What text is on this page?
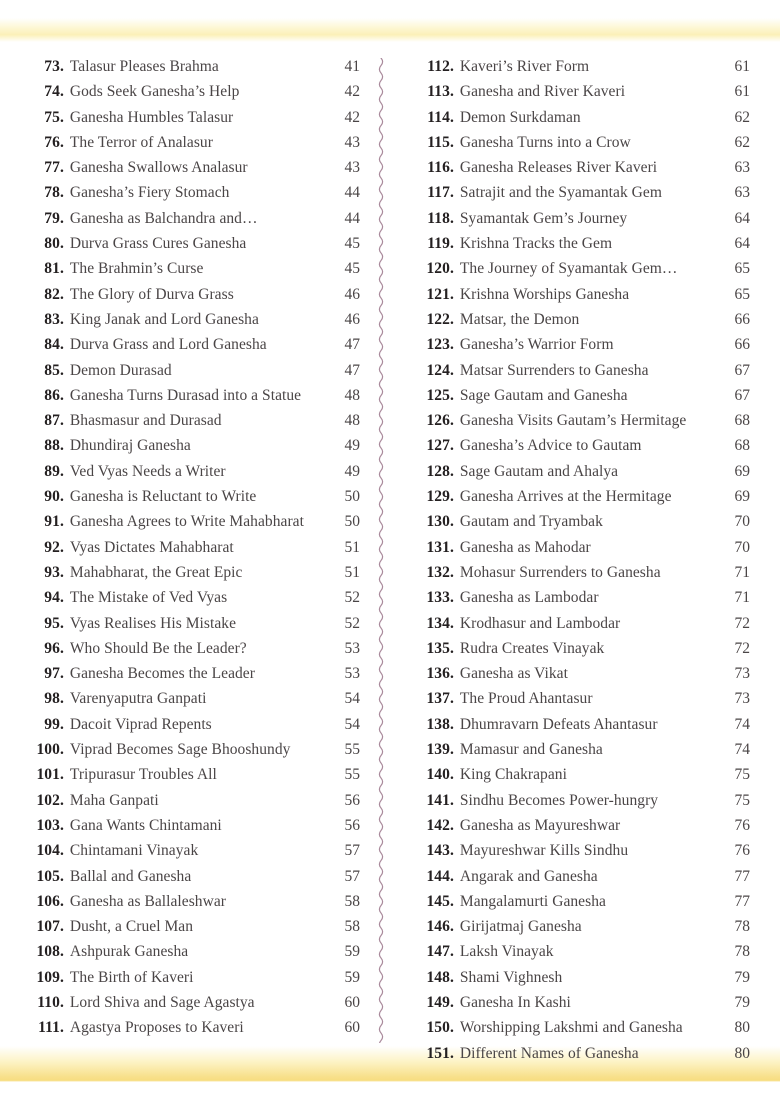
73 . Talasur Pleases Brahma	41
74 . Gods Seek Ganesha’s Help	42
75 . Ganesha Humbles Talasur	42
76 . The Terror of Analasur	43
77 . Ganesha Swallows Analasur	43
78 . Ganesha’s Fiery Stomach	44
79 . Ganesha as Balchandra and…	44
80 . Durva Grass Cures Ganesha	45
81 . The Brahmin’s Curse	45
82 . The Glory of Durva Grass	46
83 . King Janak and Lord Ganesha	46
84 . Durva Grass and Lord Ganesha	47
85 . Demon Durasad	47
86 . Ganesha Turns Durasad into a Statue	48
87 . Bhasmasur and Durasad	48
88 . Dhundiraj Ganesha	49
89 . Ved Vyas Needs a Writer	49
90 . Ganesha is Reluctant to Write	50
91 . Ganesha Agrees to Write Mahabharat	50
92 . Vyas Dictates Mahabharat	51
93 . Mahabharat, the Great Epic	51
94 . The Mistake of Ved Vyas	52
95 . Vyas Realises His Mistake	52
96 . Who Should Be the Leader?	53
97 . Ganesha Becomes the Leader	53
98 . Varenyaputra Ganpati	54
99 . Dacoit Viprad Repents	54
100 . Viprad Becomes Sage Bhooshundy	55
101 . Tripurasur Troubles All	55
102 . Maha Ganpati	56
103 . Gana Wants Chintamani	56
104 . Chintamani Vinayak	57
105 . Ballal and Ganesha	57
106 . Ganesha as Ballaleshwar	58
107 . Dusht, a Cruel Man	58
108 . Ashpurak Ganesha	59
109 . The Birth of Kaveri	59
110 . Lord Shiva and Sage Agastya	60
111 . Agastya Proposes to Kaveri	60
112 . Kaveri’s River Form	61
113 . Ganesha and River Kaveri	61
114 . Demon Surkdaman	62
115 . Ganesha Turns into a Crow	62
116 . Ganesha Releases River Kaveri	63
117 . Satrajit and the Syamantak Gem	63
118 . Syamantak Gem’s Journey	64
119 . Krishna Tracks the Gem	64
120 . The Journey of Syamantak Gem…	65
121 . Krishna Worships Ganesha	65
122 . Matsar, the Demon	66
123 . Ganesha’s Warrior Form	66
124 . Matsar Surrenders to Ganesha	67
125 . Sage Gautam and Ganesha	67
126 . Ganesha Visits Gautam’s Hermitage	68
127 . Ganesha’s Advice to Gautam	68
128 . Sage Gautam and Ahalya	69
129 . Ganesha Arrives at the Hermitage	69
130 . Gautam and Tryambak	70
131 . Ganesha as Mahodar	70
132 . Mohasur Surrenders to Ganesha	71
133 . Ganesha as Lambodar	71
134 . Krodhasur and Lambodar	72
135 . Rudra Creates Vinayak	72
136 . Ganesha as Vikat	73
137 . The Proud Ahantasur	73
138 . Dhumravarn Defeats Ahantasur	74
139 . Mamasur and Ganesha	74
140 . King Chakrapani	75
141 . Sindhu Becomes Power-hungry	75
142 . Ganesha as Mayureshwar	76
143 . Mayureshwar Kills Sindhu	76
144 . Angarak and Ganesha	77
145 . Mangalamurti Ganesha	77
146 . Girijatmaj Ganesha	78
147 . Laksh Vinayak	78
148 . Shami Vighnesh	79
149 . Ganesha In Kashi	79
150 . Worshipping Lakshmi and Ganesha	80
151 . Different Names of Ganesha	80
